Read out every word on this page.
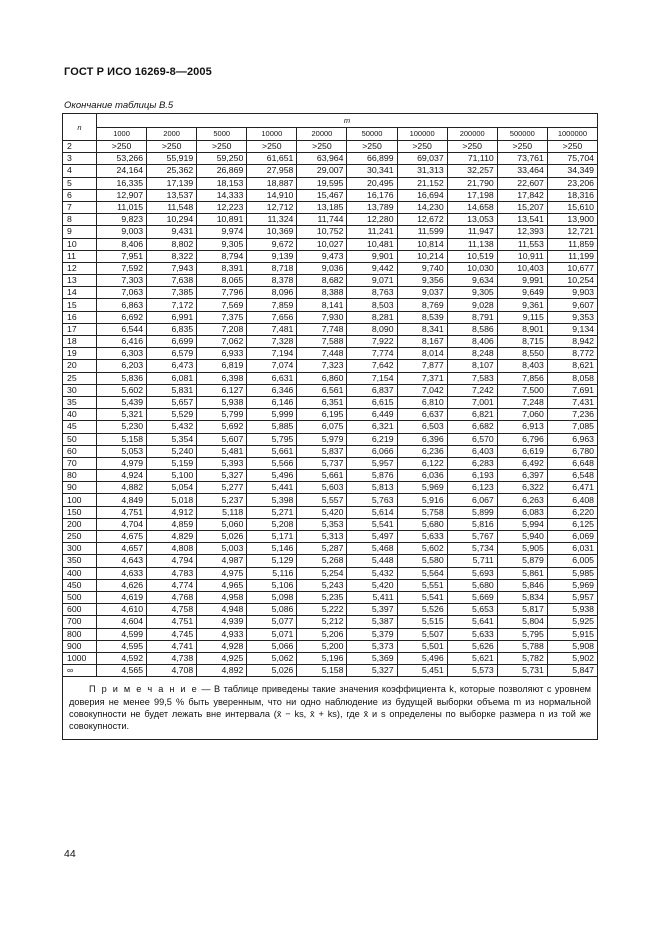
ГОСТ Р ИСО 16269-8—2005
Окончание таблицы В.5
n	m									
	1000	2000	5000	10000	20000	50000	100000	200000	500000	1000000
2	>250	>250	>250	>250	>250	>250	>250	>250	>250	>250
3	53,266	55,919	59,250	61,651	63,964	66,899	69,037	71,110	73,761	75,704
4	24,164	25,362	26,869	27,958	29,007	30,341	31,313	32,257	33,464	34,349
5	16,335	17,139	18,153	18,887	19,595	20,495	21,152	21,790	22,607	23,206
6	12,907	13,537	14,333	14,910	15,467	16,176	16,694	17,198	17,842	18,316
7	11,015	11,548	12,223	12,712	13,185	13,789	14,230	14,658	15,207	15,610
8	9,823	10,294	10,891	11,324	11,744	12,280	12,672	13,053	13,541	13,900
9	9,003	9,431	9,974	10,369	10,752	11,241	11,599	11,947	12,393	12,721
10	8,406	8,802	9,305	9,672	10,027	10,481	10,814	11,138	11,553	11,859
11	7,951	8,322	8,794	9,139	9,473	9,901	10,214	10,519	10,911	11,199
12	7,592	7,943	8,391	8,718	9,036	9,442	9,740	10,030	10,403	10,677
13	7,303	7,638	8,065	8,378	8,682	9,071	9,356	9,634	9,991	10,254
14	7,063	7,385	7,796	8,096	8,388	8,763	9,037	9,305	9,649	9,903
15	6,863	7,172	7,569	7,859	8,141	8,503	8,769	9,028	9,361	9,607
16	6,692	6,991	7,375	7,656	7,930	8,281	8,539	8,791	9,115	9,353
17	6,544	6,835	7,208	7,481	7,748	8,090	8,341	8,586	8,901	9,134
18	6,416	6,699	7,062	7,328	7,588	7,922	8,167	8,406	8,715	8,942
19	6,303	6,579	6,933	7,194	7,448	7,774	8,014	8,248	8,550	8,772
20	6,203	6,473	6,819	7,074	7,323	7,642	7,877	8,107	8,403	8,621
25	5,836	6,081	6,398	6,631	6,860	7,154	7,371	7,583	7,856	8,058
30	5,602	5,831	6,127	6,346	6,561	6,837	7,042	7,242	7,500	7,691
35	5,439	5,657	5,938	6,146	6,351	6,615	6,810	7,001	7,248	7,431
40	5,321	5,529	5,799	5,999	6,195	6,449	6,637	6,821	7,060	7,236
45	5,230	5,432	5,692	5,885	6,075	6,321	6,503	6,682	6,913	7,085
50	5,158	5,354	5,607	5,795	5,979	6,219	6,396	6,570	6,796	6,963
60	5,053	5,240	5,481	5,661	5,837	6,066	6,236	6,403	6,619	6,780
70	4,979	5,159	5,393	5,566	5,737	5,957	6,122	6,283	6,492	6,648
80	4,924	5,100	5,327	5,496	5,661	5,876	6,036	6,193	6,397	6,548
90	4,882	5,054	5,277	5,441	5,603	5,813	5,969	6,123	6,322	6,471
100	4,849	5,018	5,237	5,398	5,557	5,763	5,916	6,067	6,263	6,408
150	4,751	4,912	5,118	5,271	5,420	5,614	5,758	5,899	6,083	6,220
200	4,704	4,859	5,060	5,208	5,353	5,541	5,680	5,816	5,994	6,125
250	4,675	4,829	5,026	5,171	5,313	5,497	5,633	5,767	5,940	6,069
300	4,657	4,808	5,003	5,146	5,287	5,468	5,602	5,734	5,905	6,031
350	4,643	4,794	4,987	5,129	5,268	5,448	5,580	5,711	5,879	6,005
400	4,633	4,783	4,975	5,116	5,254	5,432	5,564	5,693	5,861	5,985
450	4,626	4,774	4,965	5,106	5,243	5,420	5,551	5,680	5,846	5,969
500	4,619	4,768	4,958	5,098	5,235	5,411	5,541	5,669	5,834	5,957
600	4,610	4,758	4,948	5,086	5,222	5,397	5,526	5,653	5,817	5,938
700	4,604	4,751	4,939	5,077	5,212	5,387	5,515	5,641	5,804	5,925
800	4,599	4,745	4,933	5,071	5,206	5,379	5,507	5,633	5,795	5,915
900	4,595	4,741	4,928	5,066	5,200	5,373	5,501	5,626	5,788	5,908
1000	4,592	4,738	4,925	5,062	5,196	5,369	5,496	5,621	5,782	5,902
∞	4,565	4,708	4,892	5,026	5,158	5,327	5,451	5,573	5,731	5,847
П р и м е ч а н и е — В таблице приведены такие значения коэффициента k, которые позволяют с уровнем доверия не менее 99,5 % быть уверенным, что ни одно наблюдение из будущей выборки объема m из нормальной совокупности не будет лежать вне интервала (x̄ − ks, x̄ + ks), где x̄ и s определены по выборке размера n из той же совокупности.										
44
